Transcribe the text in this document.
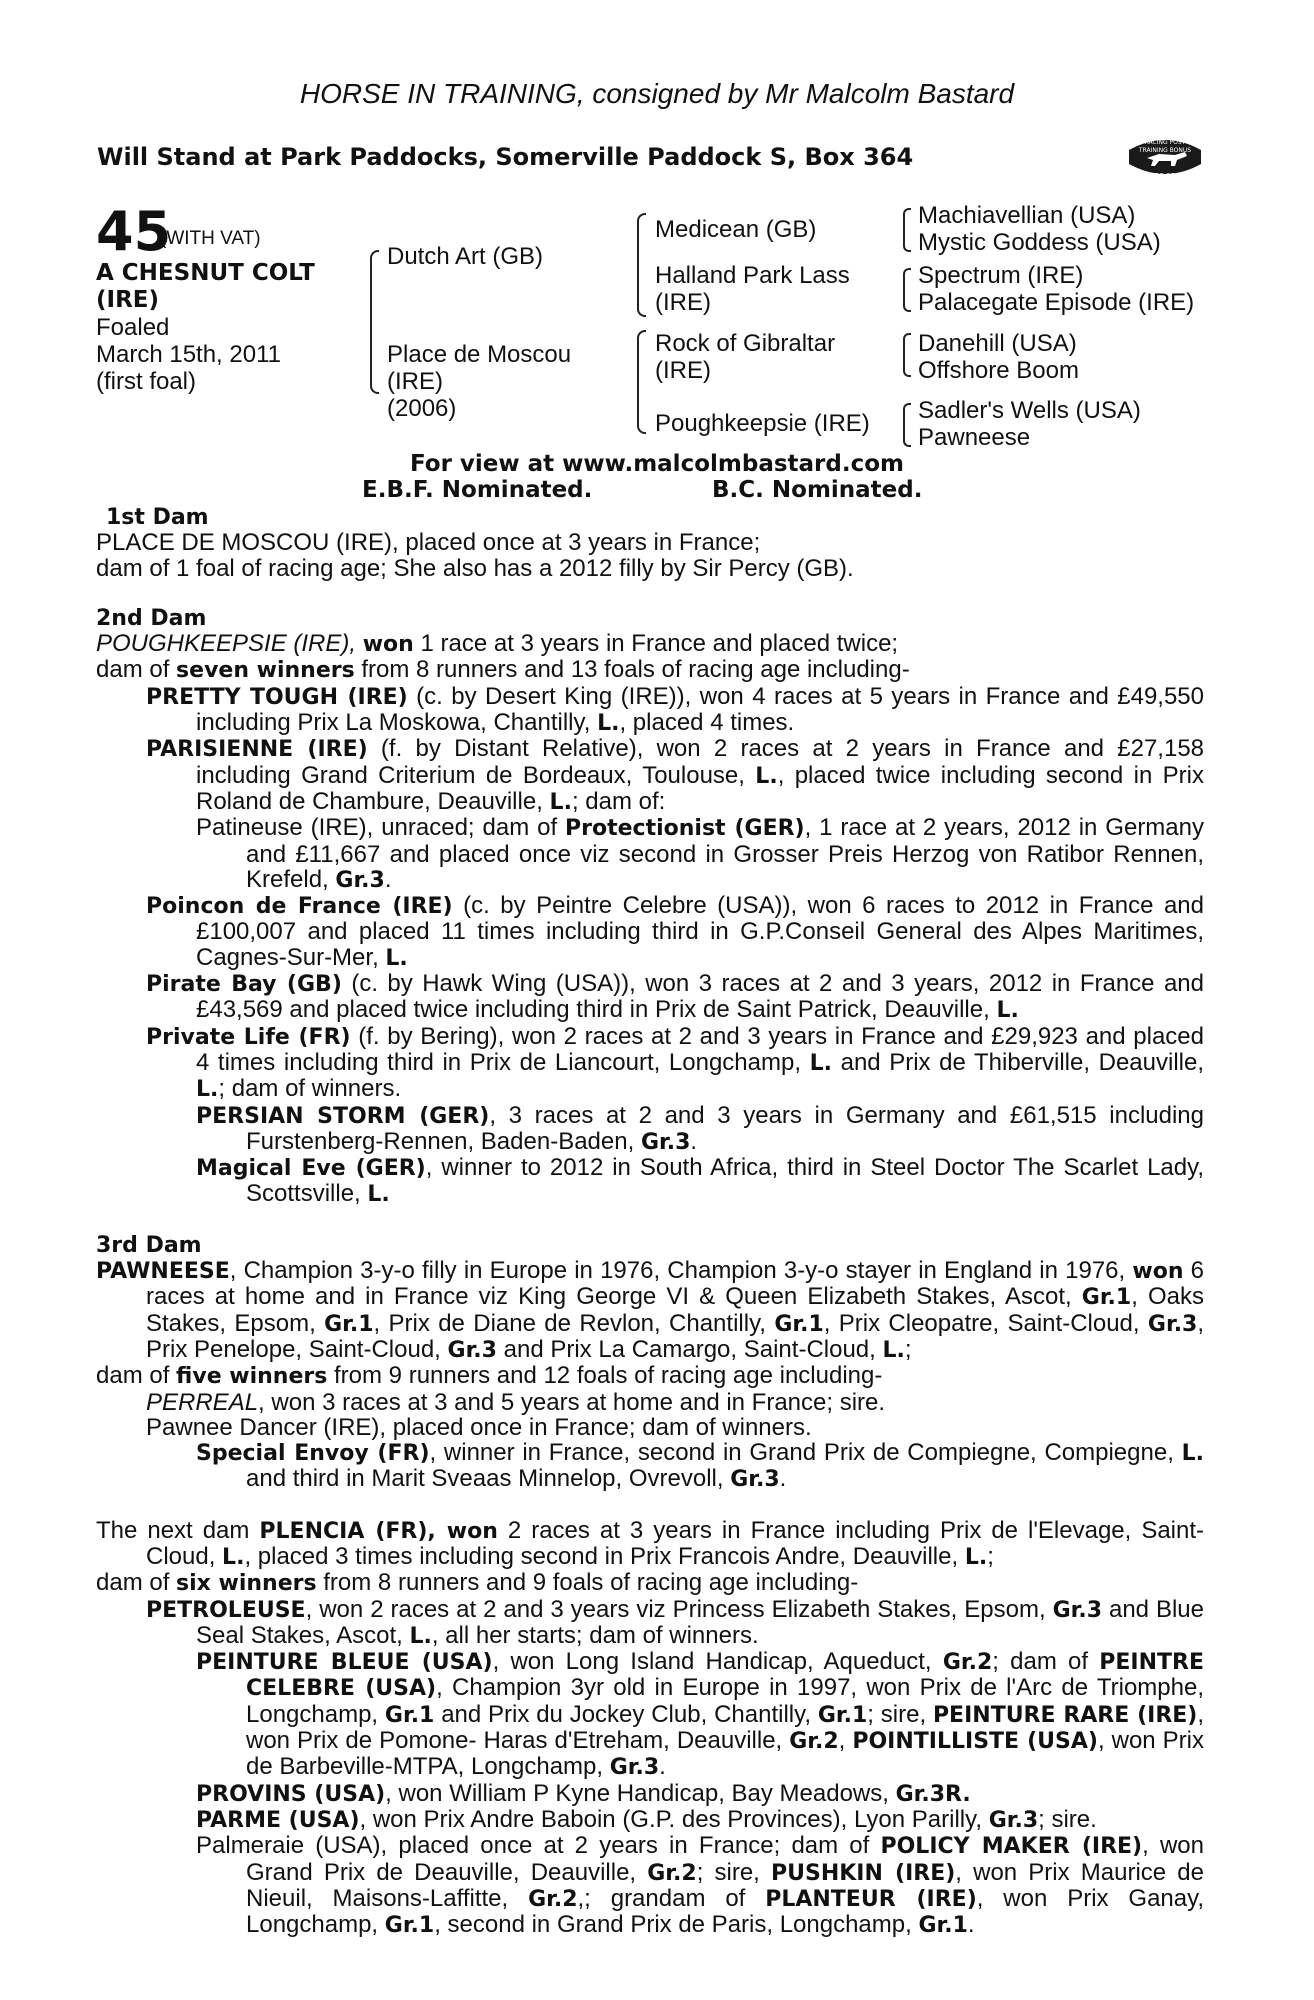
HORSE IN TRAINING, consigned by Mr Malcolm Bastard
Will Stand at Park Paddocks, Somerville Paddock S, Box 364
RACING POST
TRAINING BONUS
£10,000
45
(WITH VAT)
A CHESNUT COLT
(IRE)
Foaled
March 15th, 2011
(first foal)
Dutch Art (GB)
Place de Moscou
(IRE)
(2006)
Medicean (GB)
Halland Park Lass
(IRE)
Rock of Gibraltar
(IRE)
Poughkeepsie (IRE)
Machiavellian (USA)
Mystic Goddess (USA)
Spectrum (IRE)
Palacegate Episode (IRE)
Danehill (USA)
Offshore Boom
Sadler's Wells (USA)
Pawneese
For view at www.malcolmbastard.com
E.B.F. Nominated.	B.C. Nominated.

1st Dam

PLACE DE MOSCOU (IRE), placed once at 3 years in France;

dam of 1 foal of racing age; She also has a 2012 filly by Sir Percy (GB).

2nd Dam

POUGHKEEPSIE (IRE), won 1 race at 3 years in France and placed twice;

dam of seven winners from 8 runners and 13 foals of racing age including-

PRETTY TOUGH (IRE) (c. by Desert King (IRE)), won 4 races at 5 years in France and £49,550 including Prix La Moskowa, Chantilly, L., placed 4 times.

PARISIENNE (IRE) (f. by Distant Relative), won 2 races at 2 years in France and £27,158 including Grand Criterium de Bordeaux, Toulouse, L., placed twice including second in Prix Roland de Chambure, Deauville, L.; dam of:

Patineuse (IRE), unraced; dam of Protectionist (GER), 1 race at 2 years, 2012 in Germany and £11,667 and placed once viz second in Grosser Preis Herzog von Ratibor Rennen, Krefeld, Gr.3.

Poincon de France (IRE) (c. by Peintre Celebre (USA)), won 6 races to 2012 in France and £100,007 and placed 11 times including third in G.P.Conseil General des Alpes Maritimes, Cagnes-Sur-Mer, L.

Pirate Bay (GB) (c. by Hawk Wing (USA)), won 3 races at 2 and 3 years, 2012 in France and £43,569 and placed twice including third in Prix de Saint Patrick, Deauville, L.

Private Life (FR) (f. by Bering), won 2 races at 2 and 3 years in France and £29,923 and placed 4 times including third in Prix de Liancourt, Longchamp, L. and Prix de Thiberville, Deauville, L.; dam of winners.

PERSIAN STORM (GER), 3 races at 2 and 3 years in Germany and £61,515 including Furstenberg-Rennen, Baden-Baden, Gr.3.

Magical Eve (GER), winner to 2012 in South Africa, third in Steel Doctor The Scarlet Lady, Scottsville, L.

3rd Dam

PAWNEESE, Champion 3-y-o filly in Europe in 1976, Champion 3-y-o stayer in England in 1976, won 6 races at home and in France viz King George VI & Queen Elizabeth Stakes, Ascot, Gr.1, Oaks Stakes, Epsom, Gr.1, Prix de Diane de Revlon, Chantilly, Gr.1, Prix Cleopatre, Saint-Cloud, Gr.3, Prix Penelope, Saint-Cloud, Gr.3 and Prix La Camargo, Saint-Cloud, L.;

dam of five winners from 9 runners and 12 foals of racing age including-

PERREAL, won 3 races at 3 and 5 years at home and in France; sire.

Pawnee Dancer (IRE), placed once in France; dam of winners.

Special Envoy (FR), winner in France, second in Grand Prix de Compiegne, Compiegne, L. and third in Marit Sveaas Minnelop, Ovrevoll, Gr.3.

The next dam PLENCIA (FR), won 2 races at 3 years in France including Prix de l'Elevage, Saint-Cloud, L., placed 3 times including second in Prix Francois Andre, Deauville, L.;

dam of six winners from 8 runners and 9 foals of racing age including-

PETROLEUSE, won 2 races at 2 and 3 years viz Princess Elizabeth Stakes, Epsom, Gr.3 and Blue Seal Stakes, Ascot, L., all her starts; dam of winners.

PEINTURE BLEUE (USA), won Long Island Handicap, Aqueduct, Gr.2; dam of PEINTRE CELEBRE (USA), Champion 3yr old in Europe in 1997, won Prix de l'Arc de Triomphe, Longchamp, Gr.1 and Prix du Jockey Club, Chantilly, Gr.1; sire, PEINTURE RARE (IRE), won Prix de Pomone- Haras d'Etreham, Deauville, Gr.2, POINTILLISTE (USA), won Prix de Barbeville-MTPA, Longchamp, Gr.3.

PROVINS (USA), won William P Kyne Handicap, Bay Meadows, Gr.3R.

PARME (USA), won Prix Andre Baboin (G.P. des Provinces), Lyon Parilly, Gr.3; sire.

Palmeraie (USA), placed once at 2 years in France; dam of POLICY MAKER (IRE), won Grand Prix de Deauville, Deauville, Gr.2; sire, PUSHKIN (IRE), won Prix Maurice de Nieuil, Maisons-Laffitte, Gr.2,; grandam of PLANTEUR (IRE), won Prix Ganay, Longchamp, Gr.1, second in Grand Prix de Paris, Longchamp, Gr.1.
